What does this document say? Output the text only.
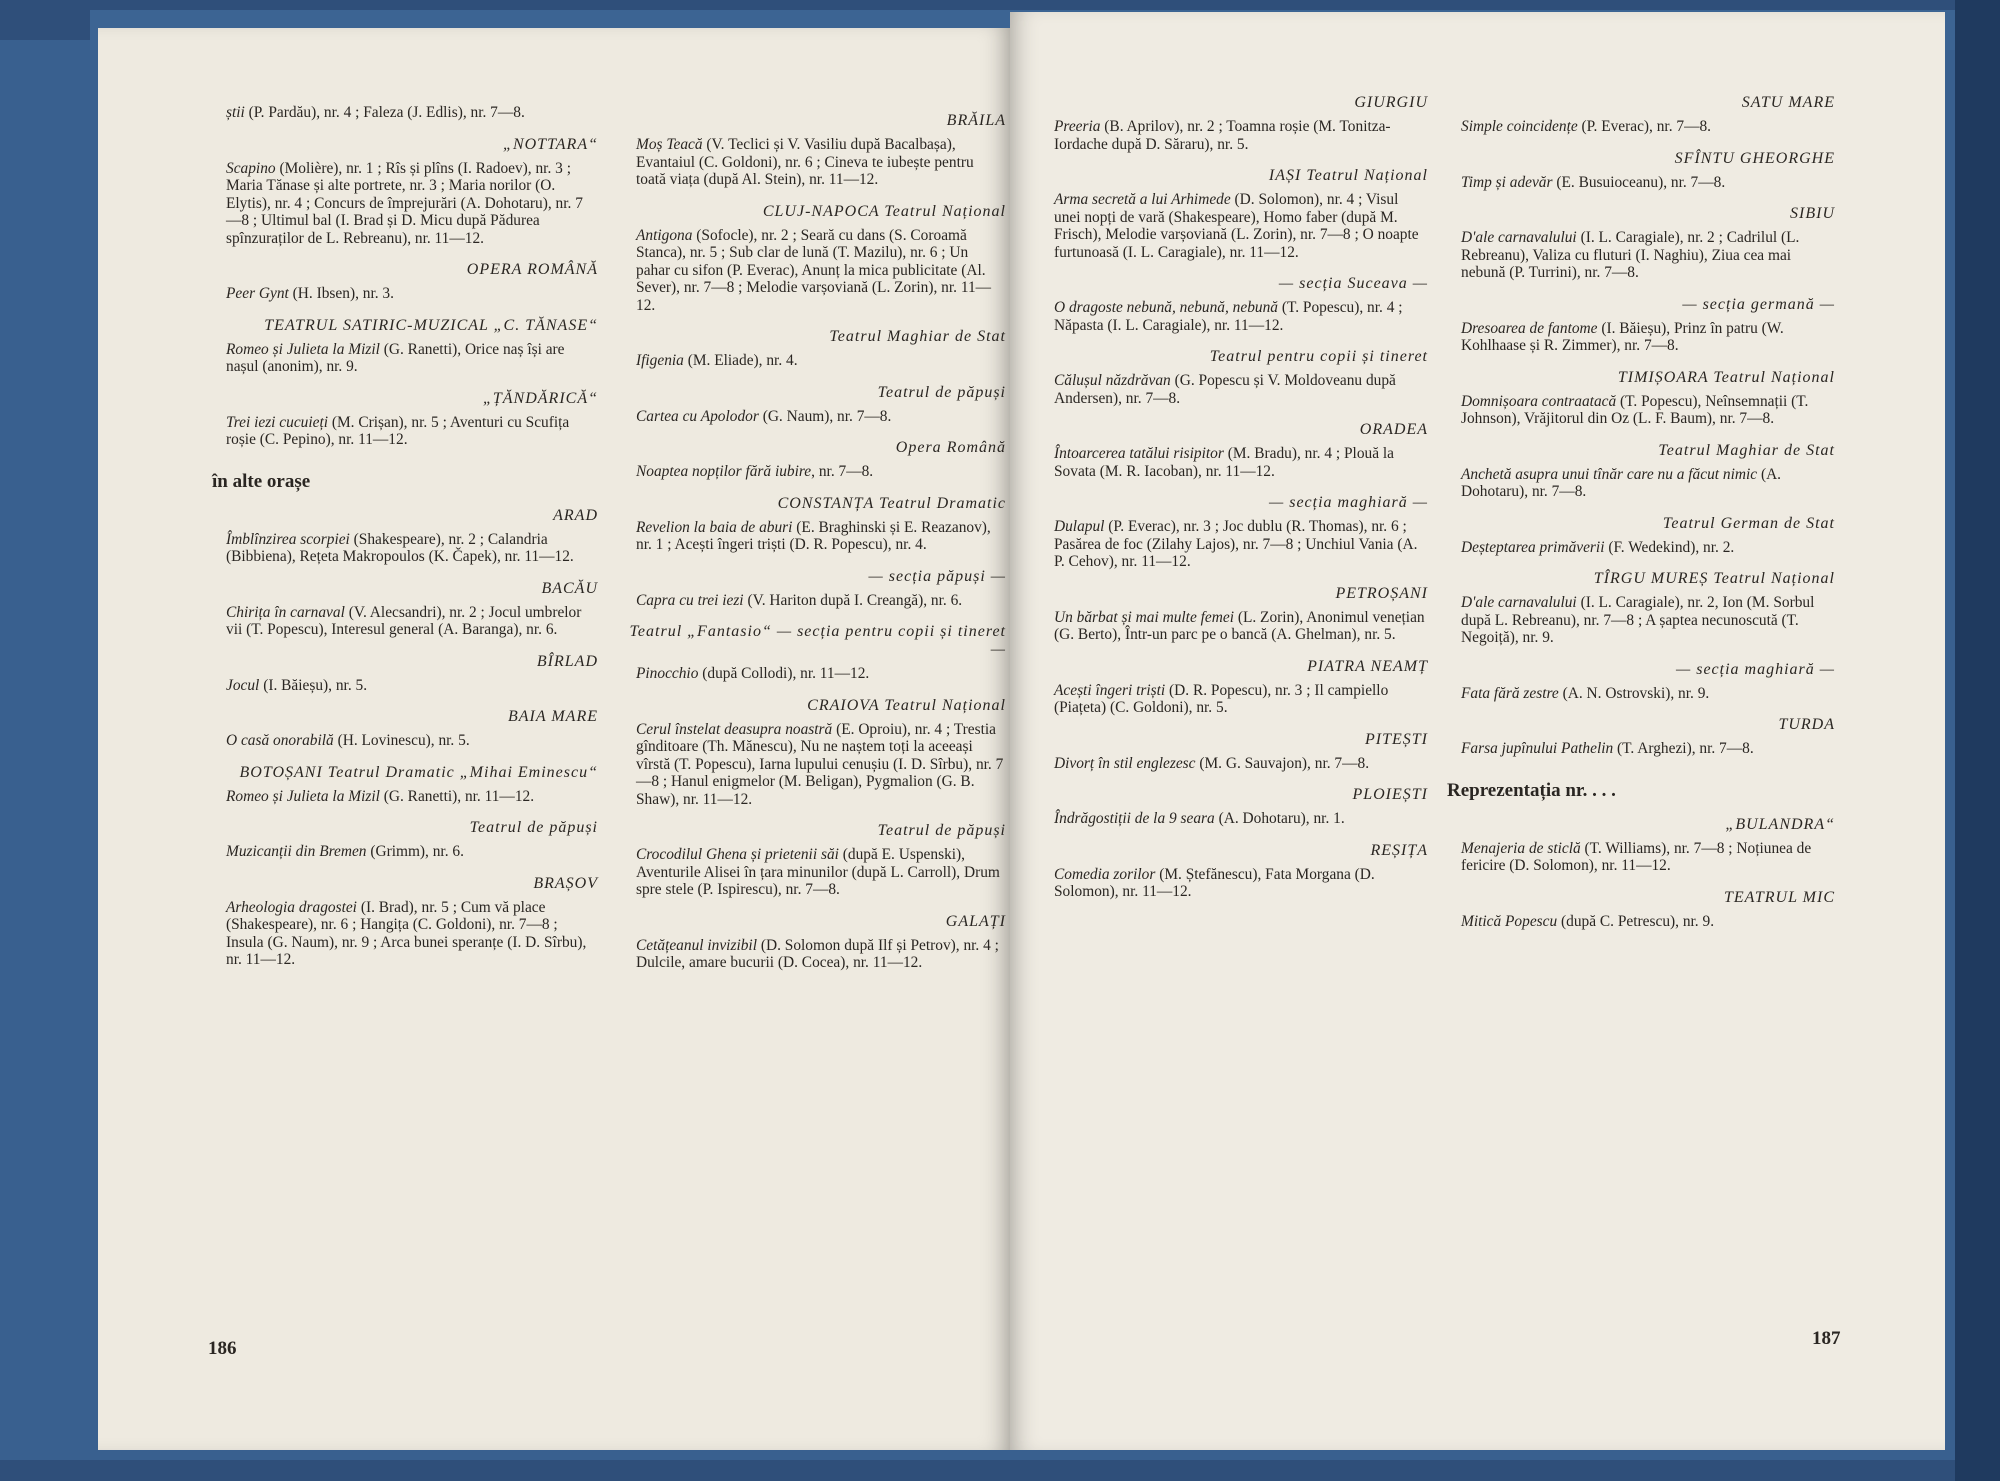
știi (P. Pardău), nr. 4 ; Faleza (J. Edlis), nr. 7—8.

„NOTTARA“

Scapino (Molière), nr. 1 ; Rîs și plîns (I. Radoev), nr. 3 ; Maria Tănase și alte portrete, nr. 3 ; Maria norilor (O. Elytis), nr. 4 ; Concurs de împrejurări (A. Dohotaru), nr. 7—8 ; Ultimul bal (I. Brad și D. Micu după Pădurea spînzuraților de L. Rebreanu), nr. 11—12.

OPERA ROMÂNĂ

Peer Gynt (H. Ibsen), nr. 3.

TEATRUL SATIRIC-MUZICAL „C. TĂNASE“

Romeo și Julieta la Mizil (G. Ranetti), Orice naș își are nașul (anonim), nr. 9.

„ȚĂNDĂRICĂ“

Trei iezi cucuieți (M. Crișan), nr. 5 ; Aventuri cu Scufița roșie (C. Pepino), nr. 11—12.

în alte orașe
ARAD

Îmblînzirea scorpiei (Shakespeare), nr. 2 ; Calandria (Bibbiena), Rețeta Makropoulos (K. Čapek), nr. 11—12.

BACĂU

Chirița în carnaval (V. Alecsandri), nr. 2 ; Jocul umbrelor vii (T. Popescu), Interesul general (A. Baranga), nr. 6.

BÎRLAD

Jocul (I. Băieșu), nr. 5.

BAIA MARE

O casă onorabilă (H. Lovinescu), nr. 5.

BOTOȘANI Teatrul Dramatic „Mihai Eminescu“

Romeo și Julieta la Mizil (G. Ranetti), nr. 11—12.

Teatrul de păpuși

Muzicanții din Bremen (Grimm), nr. 6.

BRAȘOV

Arheologia dragostei (I. Brad), nr. 5 ; Cum vă place (Shakespeare), nr. 6 ; Hangița (C. Goldoni), nr. 7—8 ; Insula (G. Naum), nr. 9 ; Arca bunei speranțe (I. D. Sîrbu), nr. 11—12.

BRĂILA

Moș Teacă (V. Teclici și V. Vasiliu după Bacalbașa), Evantaiul (C. Goldoni), nr. 6 ; Cineva te iubește pentru toată viața (după Al. Stein), nr. 11—12.

CLUJ-NAPOCA Teatrul Național

Antigona (Sofocle), nr. 2 ; Seară cu dans (S. Coroamă Stanca), nr. 5 ; Sub clar de lună (T. Mazilu), nr. 6 ; Un pahar cu sifon (P. Everac), Anunț la mica publicitate (Al. Sever), nr. 7—8 ; Melodie varșoviană (L. Zorin), nr. 11—12.

Teatrul Maghiar de Stat

Ifigenia (M. Eliade), nr. 4.

Teatrul de păpuși

Cartea cu Apolodor (G. Naum), nr. 7—8.

Opera Română

Noaptea nopților fără iubire, nr. 7—8.

CONSTANȚA Teatrul Dramatic

Revelion la baia de aburi (E. Braghinski și E. Reazanov), nr. 1 ; Acești îngeri triști (D. R. Popescu), nr. 4.

— secția păpuși —

Capra cu trei iezi (V. Hariton după I. Creangă), nr. 6.

Teatrul „Fantasio“ — secția pentru copii și tineret —

Pinocchio (după Collodi), nr. 11—12.

CRAIOVA Teatrul Național

Cerul înstelat deasupra noastră (E. Oproiu), nr. 4 ; Trestia gînditoare (Th. Mănescu), Nu ne naștem toți la aceeași vîrstă (T. Popescu), Iarna lupului cenușiu (I. D. Sîrbu), nr. 7—8 ; Hanul enigmelor (M. Beligan), Pygmalion (G. B. Shaw), nr. 11—12.

Teatrul de păpuși

Crocodilul Ghena și prietenii săi (după E. Uspenski), Aventurile Alisei în țara minunilor (după L. Carroll), Drum spre stele (P. Ispirescu), nr. 7—8.

GALAȚI

Cetățeanul invizibil (D. Solomon după Ilf și Petrov), nr. 4 ; Dulcile, amare bucurii (D. Cocea), nr. 11—12.

GIURGIU

Preeria (B. Aprilov), nr. 2 ; Toamna roșie (M. Tonitza-Iordache după D. Săraru), nr. 5.

IAȘI Teatrul Național

Arma secretă a lui Arhimede (D. Solomon), nr. 4 ; Visul unei nopți de vară (Shakespeare), Homo faber (după M. Frisch), Melodie varșoviană (L. Zorin), nr. 7—8 ; O noapte furtunoasă (I. L. Caragiale), nr. 11—12.

— secția Suceava —

O dragoste nebună, nebună, nebună (T. Popescu), nr. 4 ; Năpasta (I. L. Caragiale), nr. 11—12.

Teatrul pentru copii și tineret

Călușul năzdrăvan (G. Popescu și V. Moldoveanu după Andersen), nr. 7—8.

ORADEA

Întoarcerea tatălui risipitor (M. Bradu), nr. 4 ; Plouă la Sovata (M. R. Iacoban), nr. 11—12.

— secția maghiară —

Dulapul (P. Everac), nr. 3 ; Joc dublu (R. Thomas), nr. 6 ; Pasărea de foc (Zilahy Lajos), nr. 7—8 ; Unchiul Vania (A. P. Cehov), nr. 11—12.

PETROȘANI

Un bărbat și mai multe femei (L. Zorin), Anonimul venețian (G. Berto), Într-un parc pe o bancă (A. Ghelman), nr. 5.

PIATRA NEAMȚ

Acești îngeri triști (D. R. Popescu), nr. 3 ; Il campiello (Piațeta) (C. Goldoni), nr. 5.

PITEȘTI

Divorț în stil englezesc (M. G. Sauvajon), nr. 7—8.

PLOIEȘTI

Îndrăgostiții de la 9 seara (A. Dohotaru), nr. 1.

REȘIȚA

Comedia zorilor (M. Ștefănescu), Fata Morgana (D. Solomon), nr. 11—12.

SATU MARE

Simple coincidențe (P. Everac), nr. 7—8.

SFÎNTU GHEORGHE

Timp și adevăr (E. Busuioceanu), nr. 7—8.

SIBIU

D'ale carnavalului (I. L. Caragiale), nr. 2 ; Cadrilul (L. Rebreanu), Valiza cu fluturi (I. Naghiu), Ziua cea mai nebună (P. Turrini), nr. 7—8.

— secția germană —

Dresoarea de fantome (I. Băieșu), Prinz în patru (W. Kohlhaase și R. Zimmer), nr. 7—8.

TIMIȘOARA Teatrul Național

Domnișoara contraatacă (T. Popescu), Neînsemnații (T. Johnson), Vrăjitorul din Oz (L. F. Baum), nr. 7—8.

Teatrul Maghiar de Stat

Anchetă asupra unui tînăr care nu a făcut nimic (A. Dohotaru), nr. 7—8.

Teatrul German de Stat

Deșteptarea primăverii (F. Wedekind), nr. 2.

TÎRGU MUREȘ Teatrul Național

D'ale carnavalului (I. L. Caragiale), nr. 2, Ion (M. Sorbul după L. Rebreanu), nr. 7—8 ; A șaptea necunoscută (T. Negoiță), nr. 9.

— secția maghiară —

Fata fără zestre (A. N. Ostrovski), nr. 9.

TURDA

Farsa jupînului Pathelin (T. Arghezi), nr. 7—8.

Reprezentația nr. . . .
„BULANDRA“

Menajeria de sticlă (T. Williams), nr. 7—8 ; Noțiunea de fericire (D. Solomon), nr. 11—12.

TEATRUL MIC

Mitică Popescu (după C. Petrescu), nr. 9.

186	187
